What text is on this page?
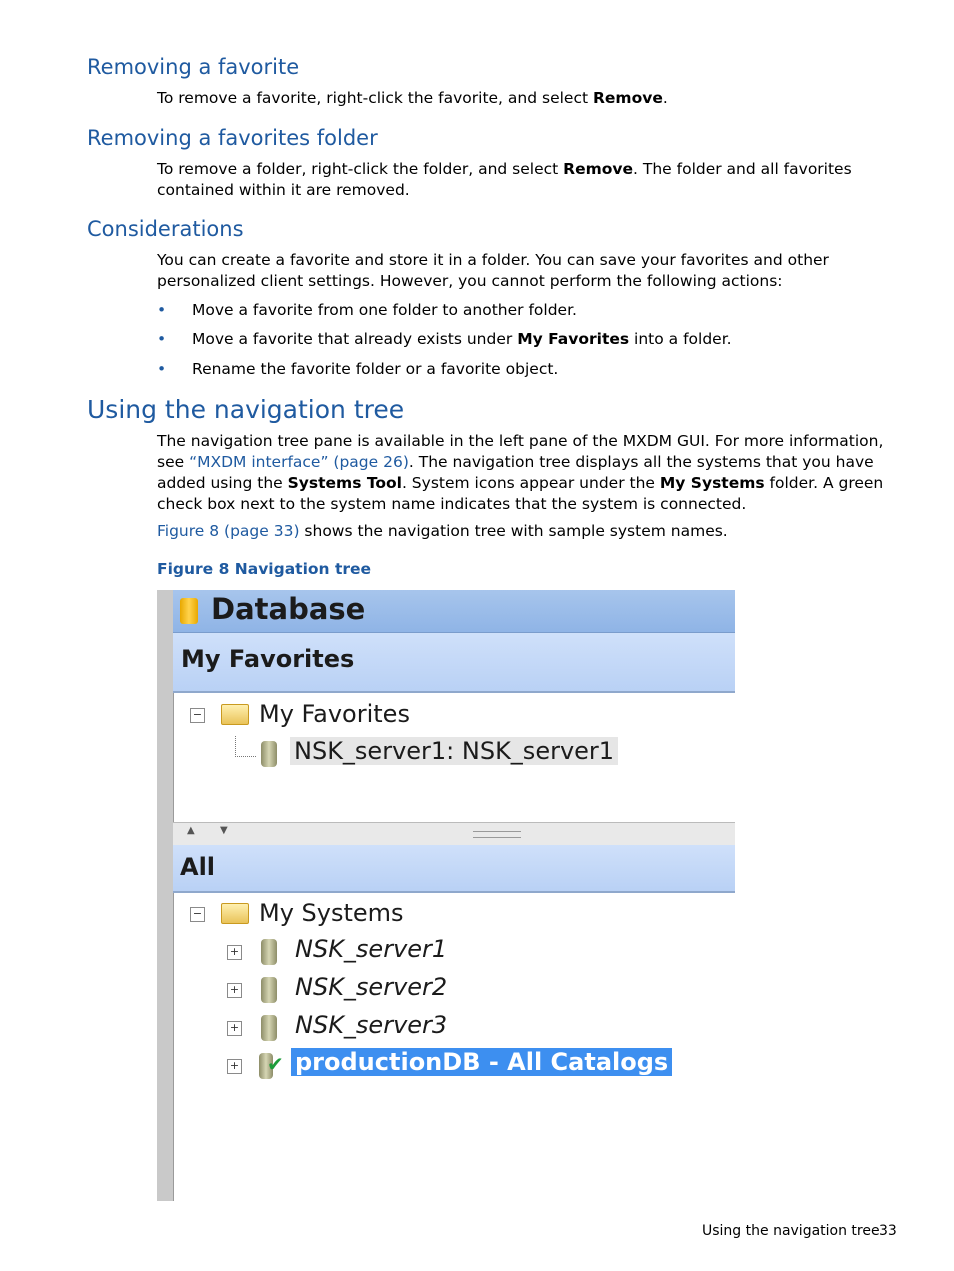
Removing a favorite

To remove a favorite, right-click the favorite, and select Remove.

Removing a favorites folder

To remove a folder, right-click the folder, and select Remove. The folder and all favorites contained within it are removed.

Considerations

You can create a favorite and store it in a folder. You can save your favorites and other personalized client settings. However, you cannot perform the following actions:

• Move a favorite from one folder to another folder.
• Move a favorite that already exists under My Favorites into a folder.
• Rename the favorite folder or a favorite object.
Using the navigation tree

The navigation tree pane is available in the left pane of the MXDM GUI. For more information, see “MXDM interface” (page 26). The navigation tree displays all the systems that you have added using the Systems Tool. System icons appear under the My Systems folder. A green check box next to the system name indicates that the system is connected.

Figure 8 (page 33) shows the navigation tree with sample system names.

Figure 8 Navigation tree
Database
My Favorites
− My Favorites
NSK_server1: NSK_server1
▲	▼
All
− My Systems
+ NSK_server1
+ NSK_server2
+ NSK_server3
+ ✔ productionDB - All Catalogs
Using the navigation tree 33
